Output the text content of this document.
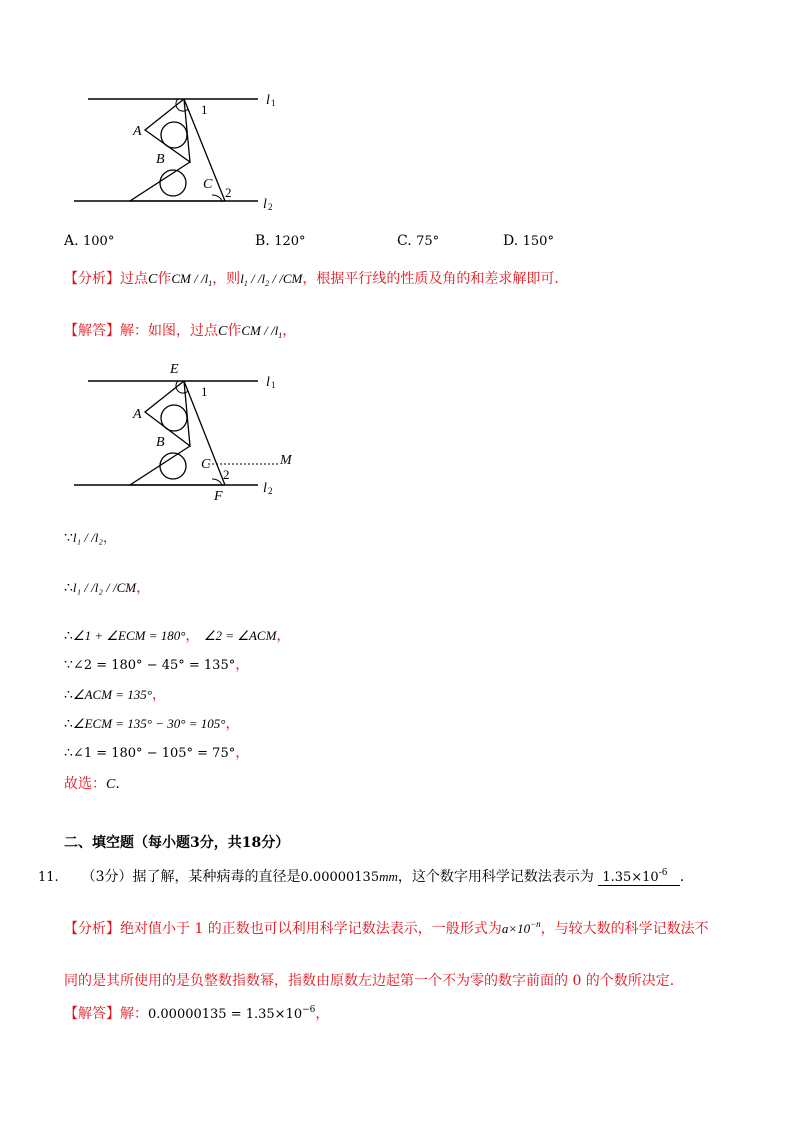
A
B
C
1
2
l 1
l 2
A. 100°	B. 120°	C. 75°	D. 150°
【分析】过点C作CM / $/l_1$，则$l_1 / /l_2 / /CM$，根据平行线的性质及角的和差求解即可.
【解答】解：如图，过点C作CM / $/l_1$，
E
A
B
C	M
F
1
2
l 1
l 2
∵l₁ / /l₂，
∴l₁ / /l₂ / /CM，
∴∠1 + ∠ECM = 180°， ∠2 = ∠ACM，
∵∠2 = 180° − 45° = 135°，
∴∠ACM = 135°，
∴∠ECM = 135° − 30° = 105°，
∴∠1 = 180° − 105° = 75°，
故选：C.
二、填空题（每小题3分，共18分）
11. （3分）据了解，某种病毒的直径是0.00000135mm，这个数字用科学记数法表示为 $1.35\times 10^{-6}$ .
【分析】绝对值小于 1 的正数也可以利用科学记数法表示，一般形式为$a\times 10^{-n}$，与较大数的科学记数法不
同的是其所使用的是负整数指数幂，指数由原数左边起第一个不为零的数字前面的 0 的个数所决定.
【解答】解：$0.00000135 = 1.35\times 10^{-6}$，
